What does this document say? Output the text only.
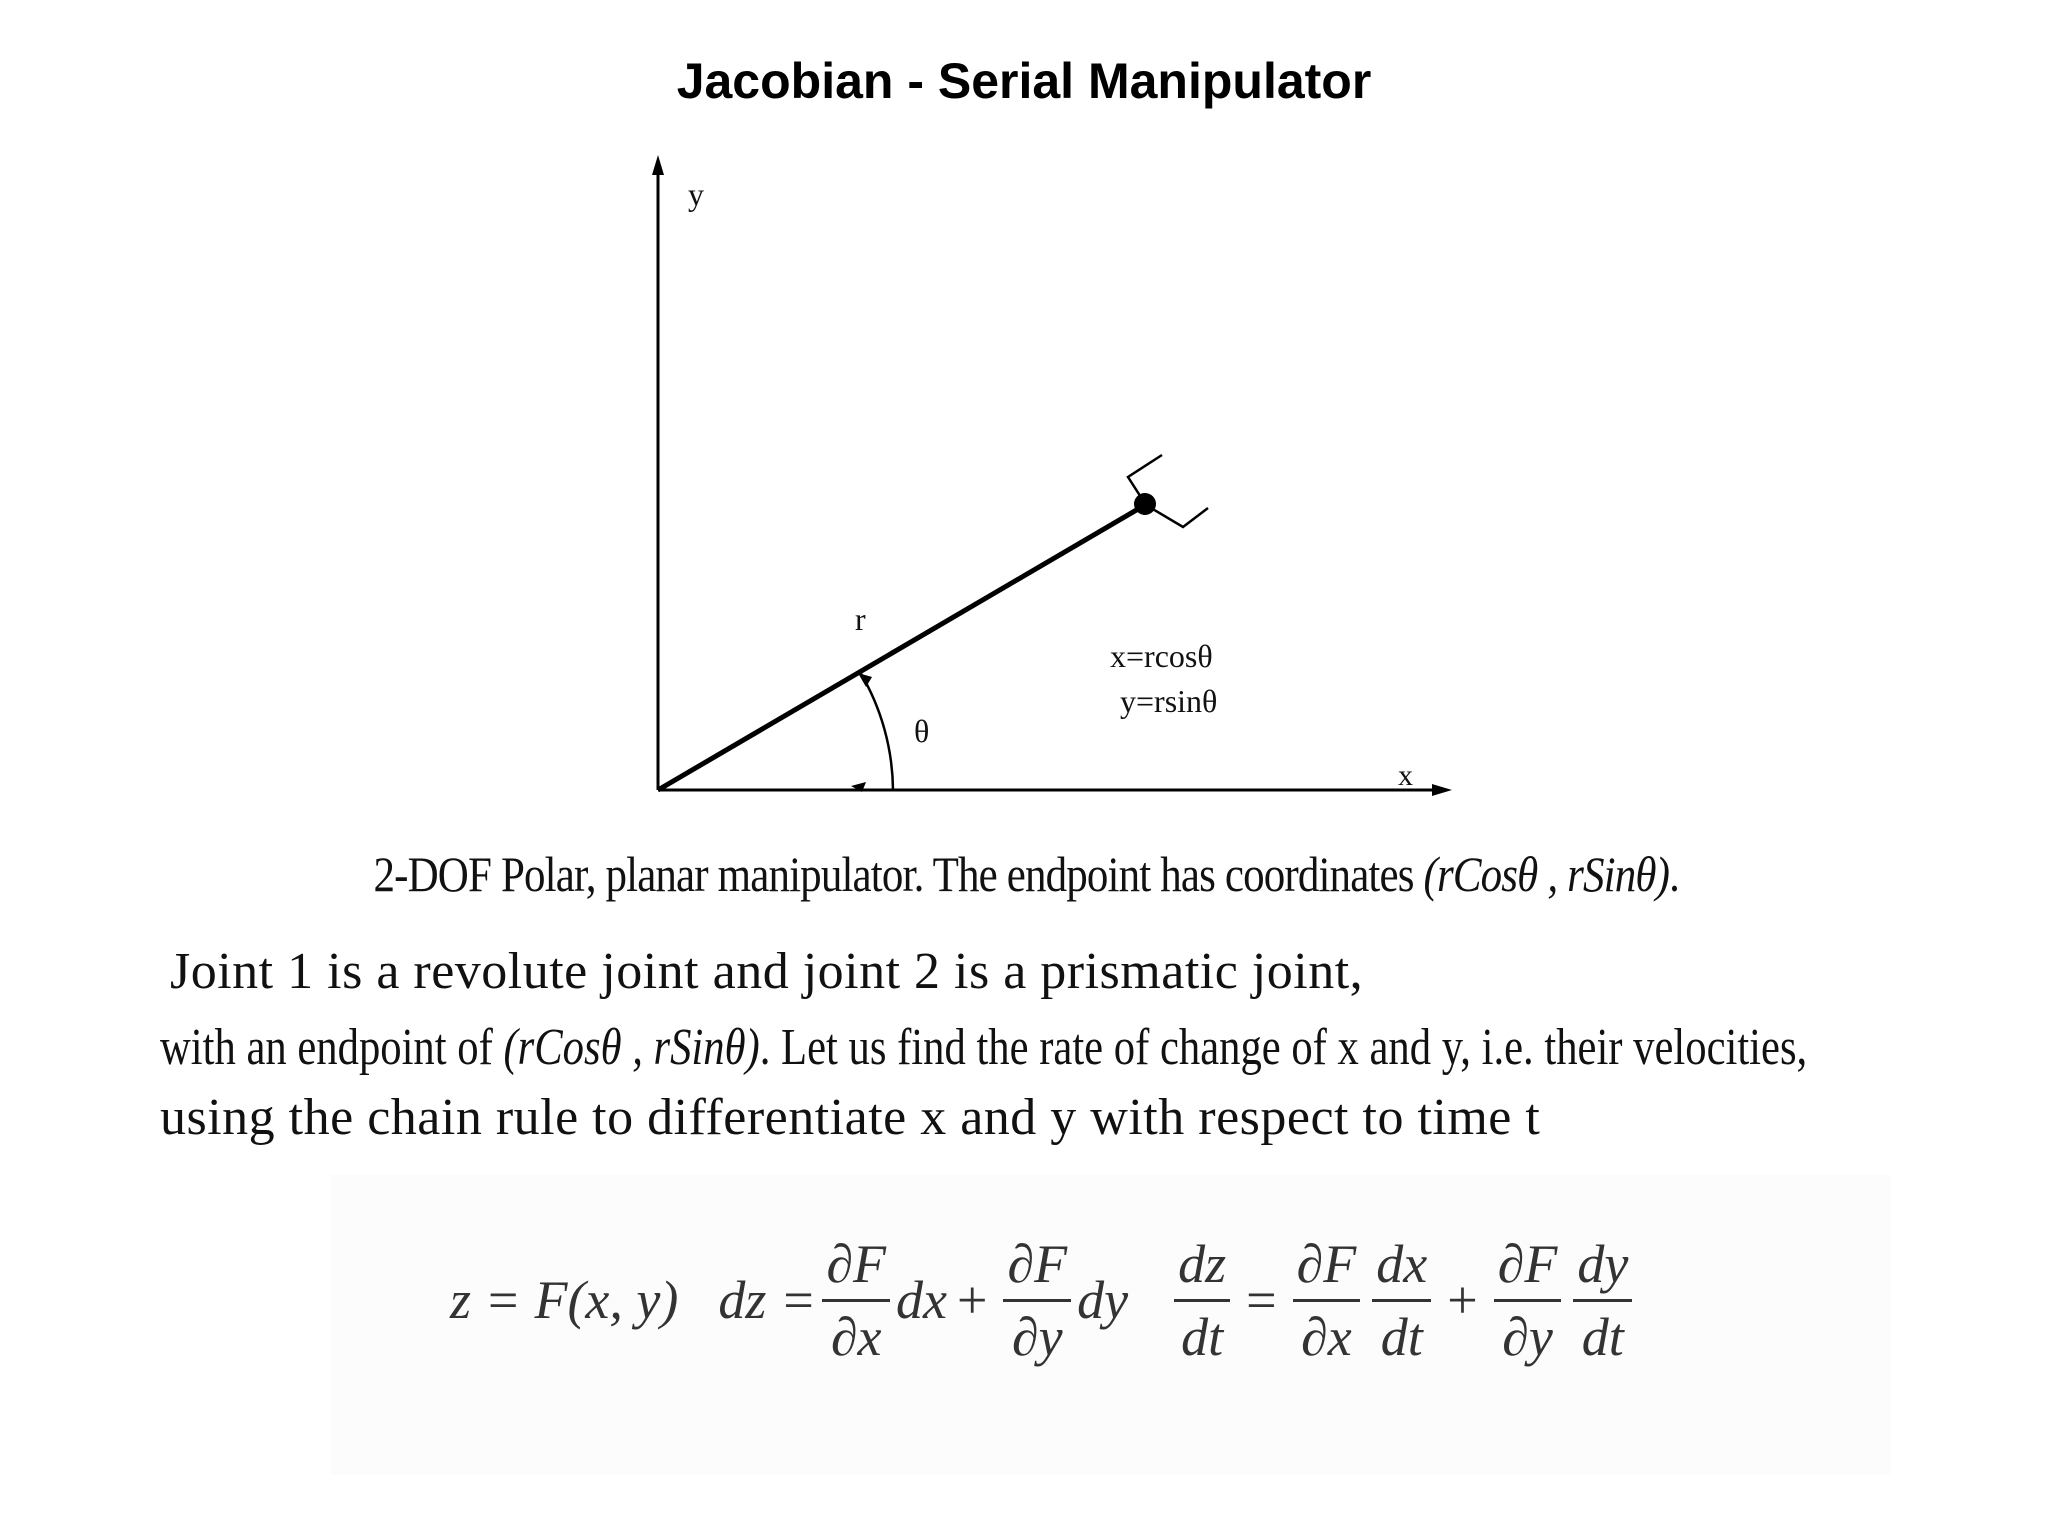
Jacobian - Serial Manipulator
y
x
r
θ
x=rcosθ
y=rsinθ
2-DOF Polar, planar manipulator. The endpoint has coordinates (rCosθ , rSinθ).
Joint 1 is a revolute joint and joint 2 is a prismatic joint,
with an endpoint of (rCosθ , rSinθ). Let us find the rate of change of x and y, i.e. their velocities,
using the chain rule to differentiate x and y with respect to time t
z = F(x, y) dz = $\frac{\partial F}{\partial x}$ dx + $\frac{\partial F}{\partial y}$ dy $\frac{dz}{dt} = \frac{\partial F}{\partial x} \frac{dx}{dt} + \frac{\partial F}{\partial y} \frac{dy}{dt}$
